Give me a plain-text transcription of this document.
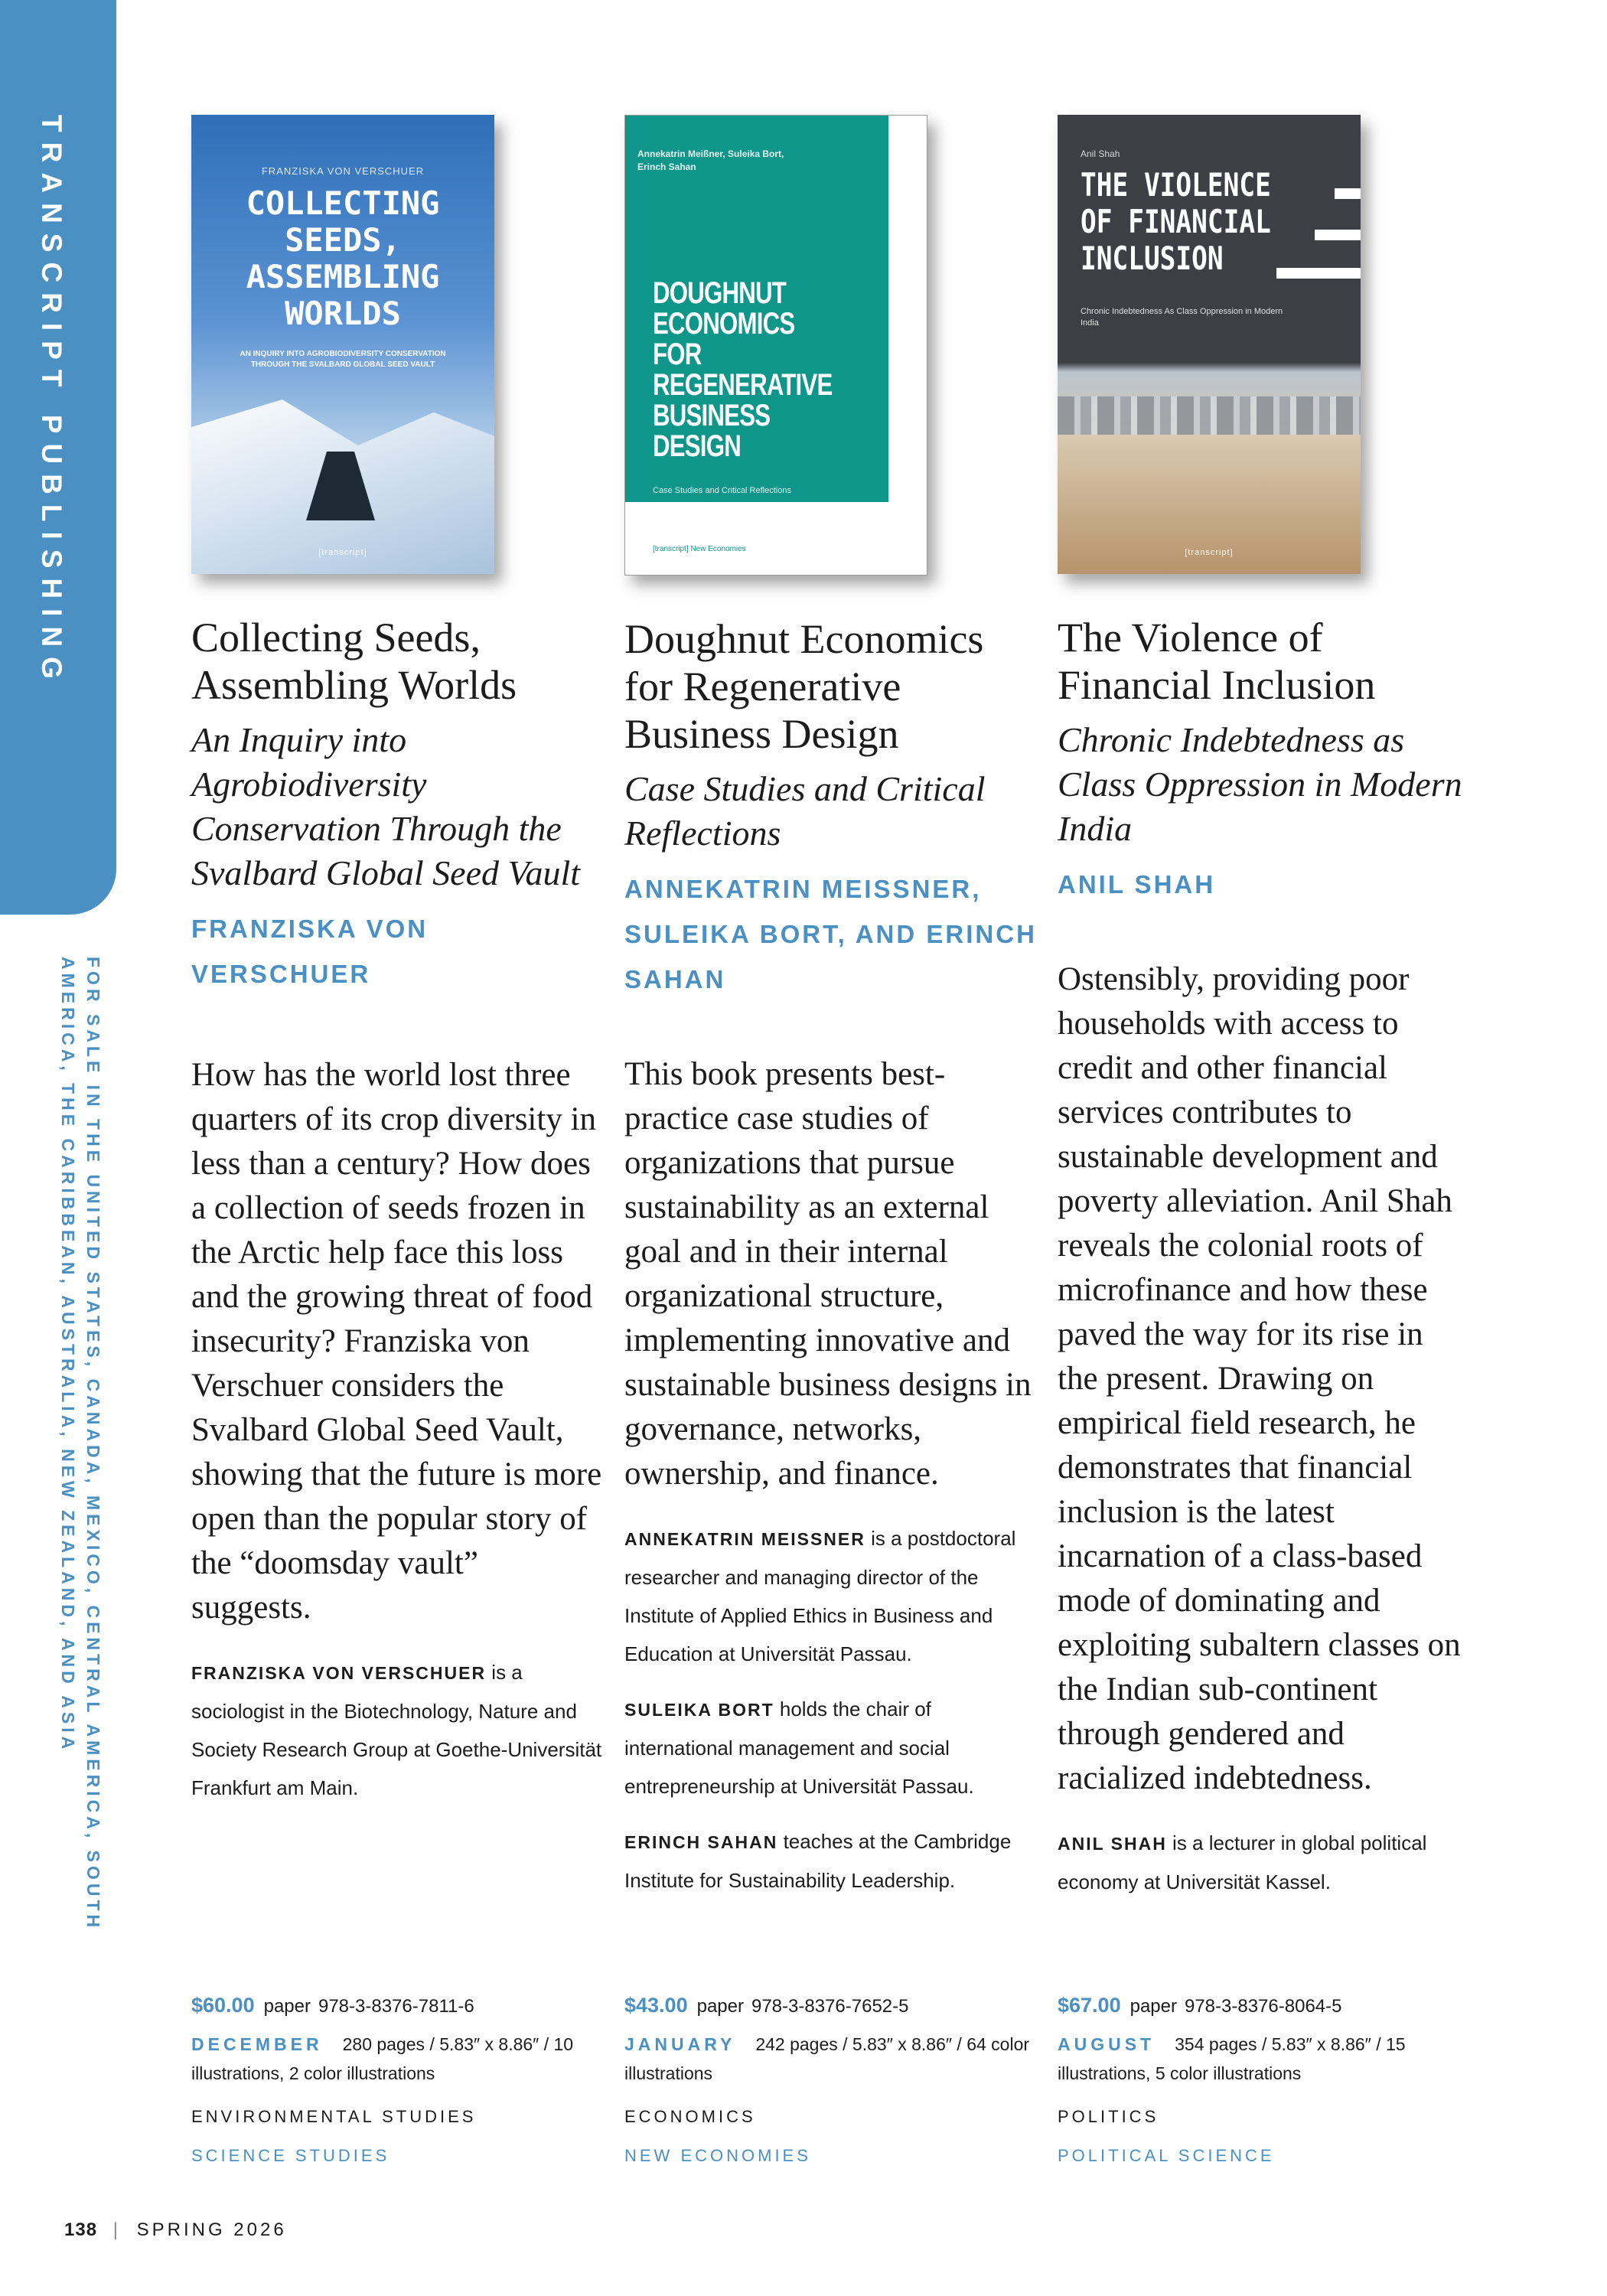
TRANSCRIPT PUBLISHING
FOR SALE IN THE UNITED STATES, CANADA, MEXICO, CENTRAL AMERICA, SOUTH AMERICA, THE CARIBBEAN, AUSTRALIA, NEW ZEALAND, AND ASIA
FRANZISKA VON VERSCHUER
COLLECTING SEEDS, ASSEMBLING WORLDS
AN INQUIRY INTO AGROBIODIVERSITY CONSERVATION THROUGH THE SVALBARD GLOBAL SEED VAULT
[transcript]
Collecting Seeds, Assembling Worlds
An Inquiry into Agrobiodiversity Conservation Through the Svalbard Global Seed Vault
FRANZISKA VON VERSCHUER
How has the world lost three quarters of its crop diversity in less than a century? How does a collection of seeds frozen in the Arctic help face this loss and the growing threat of food insecurity? Franziska von Verschuer considers the Svalbard Global Seed Vault, showing that the future is more open than the popular story of the “doomsday vault” suggests.
FRANZISKA VON VERSCHUER is a sociologist in the Biotechnology, Nature and Society Research Group at Goethe-Universität Frankfurt am Main.
Annekatrin Meißner, Suleika Bort, Erinch Sahan
DOUGHNUT ECONOMICS FOR REGENERATIVE BUSINESS DESIGN
Case Studies and Critical Reflections
[transcript] New Economies
Doughnut Economics for Regenerative Business Design
Case Studies and Critical Reflections
ANNEKATRIN MEISSNER, SULEIKA BORT, AND ERINCH SAHAN
This book presents best-practice case studies of organizations that pursue sustainability as an external goal and in their internal organizational structure, implementing innovative and sustainable business designs in governance, networks, ownership, and finance.
ANNEKATRIN MEISSNER is a postdoctoral researcher and managing director of the Institute of Applied Ethics in Business and Education at Universität Passau.
SULEIKA BORT holds the chair of international management and social entrepreneurship at Universität Passau.
ERINCH SAHAN teaches at the Cambridge Institute for Sustainability Leadership.
Anil Shah
THE VIOLENCE OF FINANCIAL INCLUSION
Chronic Indebtedness As Class Oppression in Modern India
[transcript]
The Violence of Financial Inclusion
Chronic Indebtedness as Class Oppression in Modern India
ANIL SHAH
Ostensibly, providing poor households with access to credit and other financial services contributes to sustainable development and poverty alleviation. Anil Shah reveals the colonial roots of microfinance and how these paved the way for its rise in the present. Drawing on empirical field research, he demonstrates that financial inclusion is the latest incarnation of a class-based mode of dominating and exploiting subaltern classes on the Indian sub-continent through gendered and racialized indebtedness.
ANIL SHAH is a lecturer in global political economy at Universität Kassel.
$60.00 paper 978-3-8376-7811-6
DECEMBER 280 pages / 5.83″ x 8.86″ / 10 illustrations, 2 color illustrations
ENVIRONMENTAL STUDIES
SCIENCE STUDIES
$43.00 paper 978-3-8376-7652-5
JANUARY 242 pages / 5.83″ x 8.86″ / 64 color illustrations
ECONOMICS
NEW ECONOMIES
$67.00 paper 978-3-8376-8064-5
AUGUST 354 pages / 5.83″ x 8.86″ / 15 illustrations, 5 color illustrations
POLITICS
POLITICAL SCIENCE
138 | SPRING 2026
